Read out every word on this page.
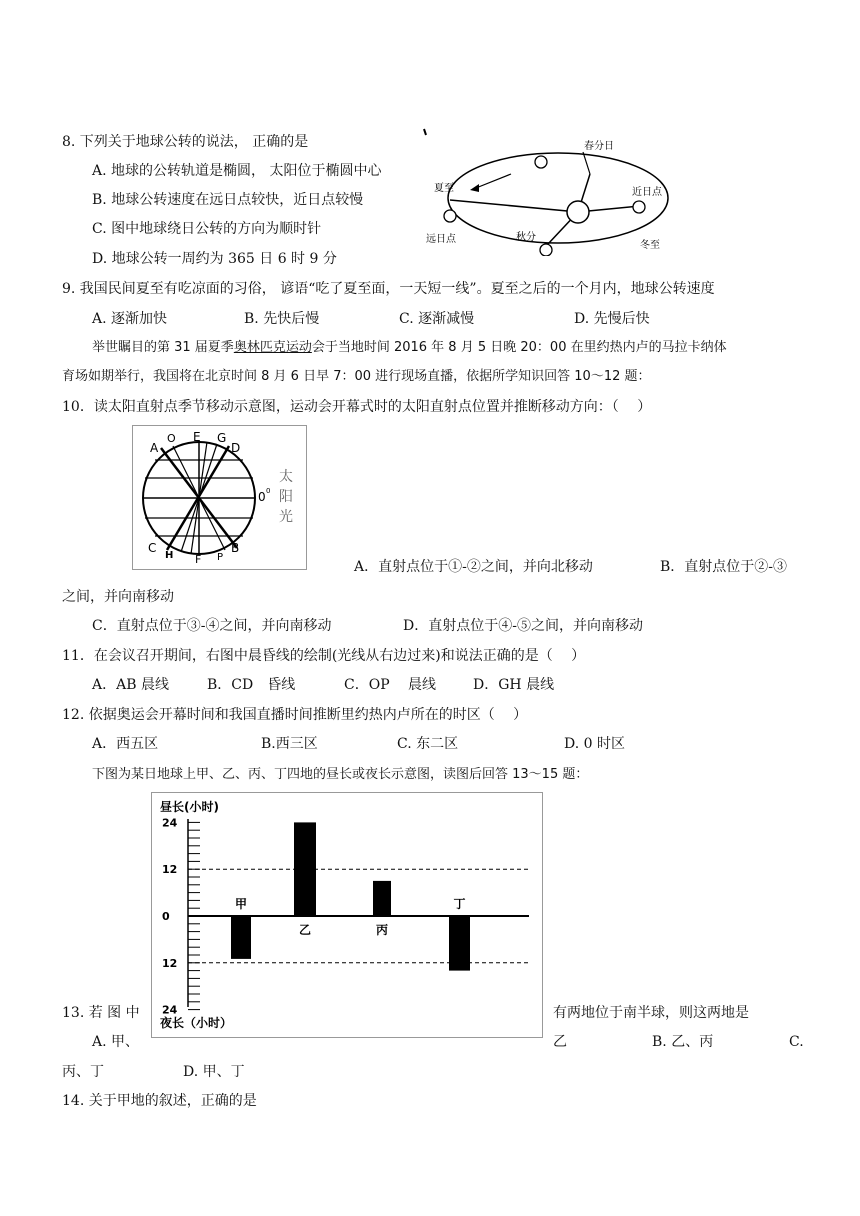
8. 下列关于地球公转的说法， 正确的是
A. 地球的公转轨道是椭圆， 太阳位于椭圆中心
B. 地球公转速度在远日点较快，近日点较慢
C. 图中地球绕日公转的方向为顺时针
D. 地球公转一周约为 365 日 6 时 9 分
春分日
夏至	近日点
远日点	秋分
冬至
9. 我国民间夏至有吃凉面的习俗， 谚语“吃了夏至面，一天短一线”。夏至之后的一个月内，地球公转速度
A. 逐渐加快	B. 先快后慢	C. 逐渐减慢	D. 先慢后快
举世瞩目的第 31 届夏季奥林匹克运动会于当地时间 2016 年 8 月 5 日晚 20：00 在里约热内卢的马拉卡纳体
育场如期举行，我国将在北京时间 8 月 6 日早 7：00 进行现场直播，依据所学知识回答 10～12 题：
10．读太阳直射点季节移动示意图，运动会开幕式时的太阳直射点位置并推断移动方向：（　 ）
A
O E G
D
C
H F P
B
0 0
太
阳
光
A．直射点位于①-②之间，并向北移动	B．直射点位于②-③
之间，并向南移动
C．直射点位于③-④之间，并向南移动	D．直射点位于④-⑤之间，并向南移动
11．在会议召开期间，右图中晨昏线的绘制(光线从右边过来)和说法正确的是（　 ）
A．AB 晨线	B．CD　昏线	C．OP　 晨线	D．GH 晨线
12. 依据奥运会开幕时间和我国直播时间推断里约热内卢所在的时区（　 ）
A．西五区	B.西三区	C. 东二区	D. 0 时区
下图为某日地球上甲、乙、丙、丁四地的昼长或夜长示意图，读图后回答 13～15 题：
昼长(小时)
夜长（小时）
甲
乙	丙
丁
24
12
0
12
24
13. 若 图 中	有两地位于南半球，则这两地是
A. 甲、	乙	B. 乙、丙	C.
丙、丁	D. 甲、丁
14. 关于甲地的叙述，正确的是
